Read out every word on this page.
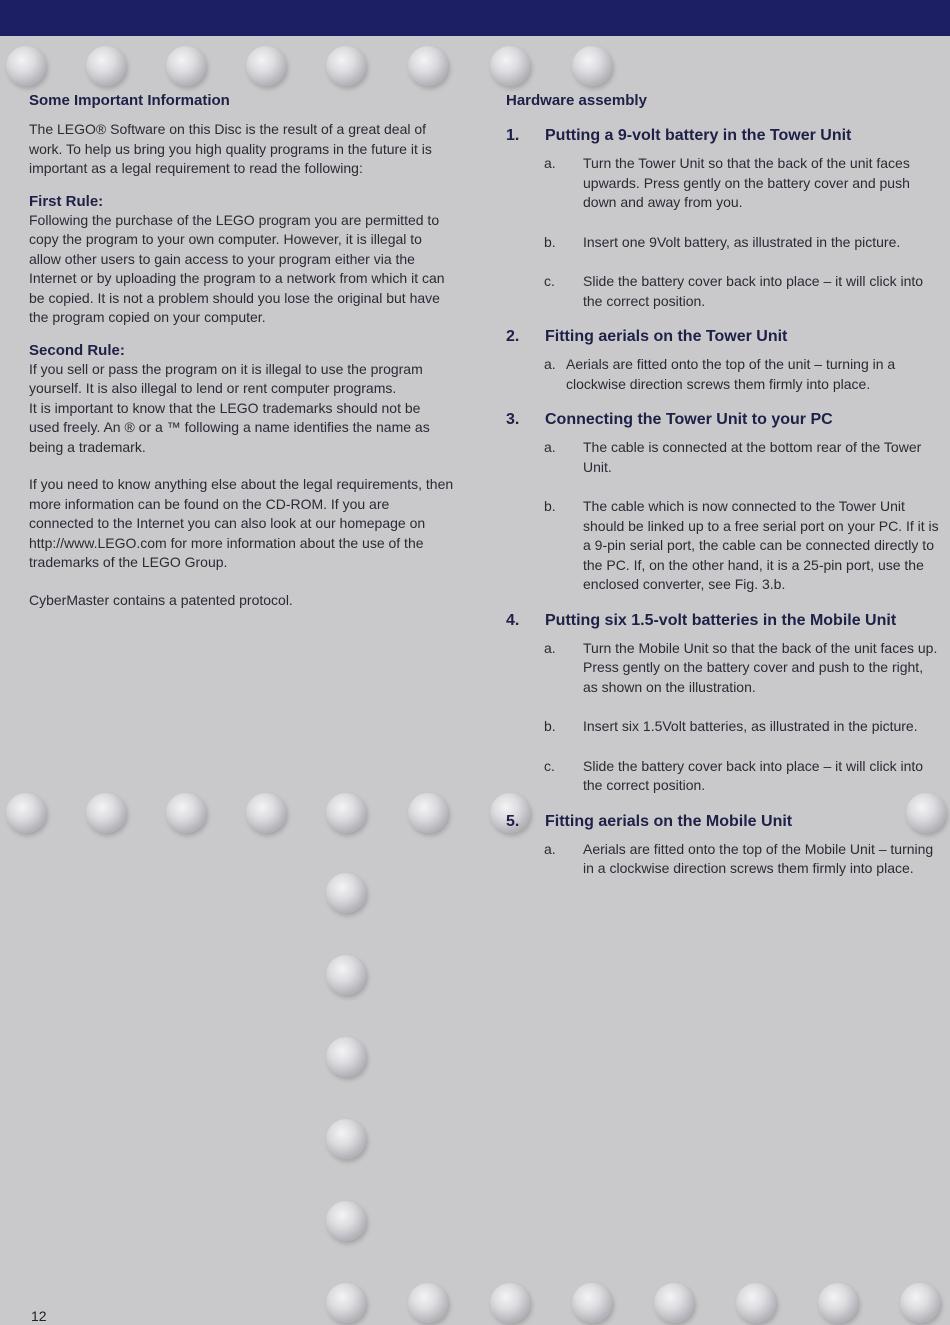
Some Important Information

The LEGO® Software on this Disc is the result of a great deal of work. To help us bring you high quality programs in the future it is important as a legal requirement to read the following:

First Rule:

Following the purchase of the LEGO program you are permitted to copy the program to your own computer. However, it is illegal to allow other users to gain access to your program either via the Internet or by uploading the program to a network from which it can be copied. It is not a problem should you lose the original but have the program copied on your computer.

Second Rule:

If you sell or pass the program on it is illegal to use the program yourself. It is also illegal to lend or rent computer programs.

It is important to know that the LEGO trademarks should not be used freely. An ® or a ™ following a name identifies the name as being a trademark.

If you need to know anything else about the legal requirements, then more information can be found on the CD-ROM. If you are connected to the Internet you can also look at our homepage on http://www.LEGO.com for more information about the use of the trademarks of the LEGO Group.

CyberMaster contains a patented protocol.

Hardware assembly
1.	Putting a 9-volt battery in the Tower Unit
a.	Turn the Tower Unit so that the back of the unit faces upwards. Press gently on the battery cover and push down and away from you.
b.	Insert one 9Volt battery, as illustrated in the picture.
c.	Slide the battery cover back into place – it will click into the correct position.
2.	Fitting aerials on the Tower Unit
a. Aerials are fitted onto the top of the unit – turning in a clockwise direction screws them firmly into place.
3.	Connecting the Tower Unit to your PC
a.	The cable is connected at the bottom rear of the Tower Unit.
b.	The cable which is now connected to the Tower Unit should be linked up to a free serial port on your PC. If it is a 9-pin serial port, the cable can be connected directly to the PC. If, on the other hand, it is a 25-pin port, use the enclosed converter, see Fig. 3.b.
4.	Putting six 1.5-volt batteries in the Mobile Unit
a.	Turn the Mobile Unit so that the back of the unit faces up. Press gently on the battery cover and push to the right, as shown on the illustration.
b.	Insert six 1.5Volt batteries, as illustrated in the picture.
c.	Slide the battery cover back into place – it will click into the correct position.
5.	Fitting aerials on the Mobile Unit
a.	Aerials are fitted onto the top of the Mobile Unit – turning in a clockwise direction screws them firmly into place.
12
